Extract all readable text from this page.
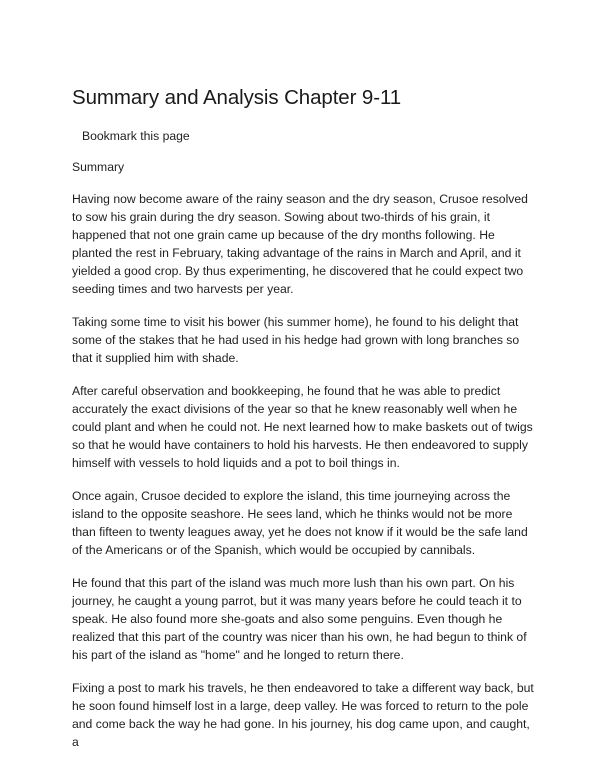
Summary and Analysis Chapter 9-11
Bookmark this page
Summary

Having now become aware of the rainy season and the dry season, Crusoe resolved to sow his grain during the dry season. Sowing about two-thirds of his grain, it happened that not one grain came up because of the dry months following. He planted the rest in February, taking advantage of the rains in March and April, and it yielded a good crop. By thus experimenting, he discovered that he could expect two seeding times and two harvests per year.

Taking some time to visit his bower (his summer home), he found to his delight that some of the stakes that he had used in his hedge had grown with long branches so that it supplied him with shade.

After careful observation and bookkeeping, he found that he was able to predict accurately the exact divisions of the year so that he knew reasonably well when he could plant and when he could not. He next learned how to make baskets out of twigs so that he would have containers to hold his harvests. He then endeavored to supply himself with vessels to hold liquids and a pot to boil things in.

Once again, Crusoe decided to explore the island, this time journeying across the island to the opposite seashore. He sees land, which he thinks would not be more than fifteen to twenty leagues away, yet he does not know if it would be the safe land of the Americans or of the Spanish, which would be occupied by cannibals.

He found that this part of the island was much more lush than his own part. On his journey, he caught a young parrot, but it was many years before he could teach it to speak. He also found more she-goats and also some penguins. Even though he realized that this part of the country was nicer than his own, he had begun to think of his part of the island as "home" and he longed to return there.

Fixing a post to mark his travels, he then endeavored to take a different way back, but he soon found himself lost in a large, deep valley. He was forced to return to the pole and come back the way he had gone. In his journey, his dog came upon, and caught, a
